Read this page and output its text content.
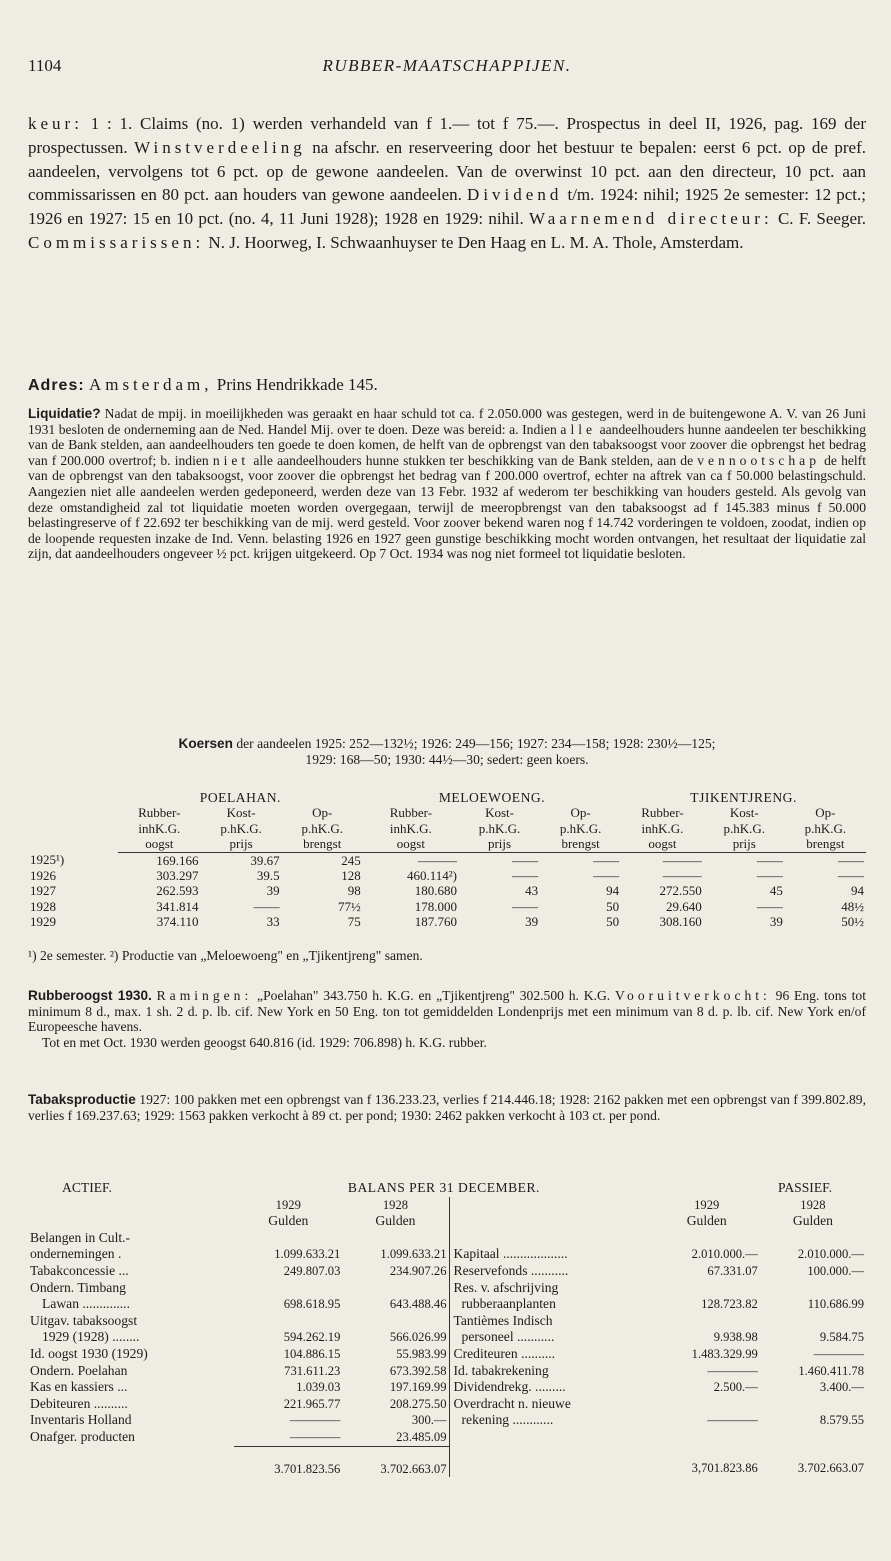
1104	RUBBER-MAATSCHAPPIJEN.
keur: 1 : 1. Claims (no. 1) werden verhandeld van f 1.— tot f 75.—. Prospectus in deel II, 1926, pag. 169 der prospectussen. Winstverdeeling na afschr. en reserveering door het bestuur te bepalen: eerst 6 pct. op de pref. aandeelen, vervolgens tot 6 pct. op de gewone aandeelen. Van de overwinst 10 pct. aan den directeur, 10 pct. aan commissarissen en 80 pct. aan houders van gewone aandeelen. Dividend t/m. 1924: nihil; 1925 2e semester: 12 pct.; 1926 en 1927: 15 en 10 pct. (no. 4, 11 Juni 1928); 1928 en 1929: nihil. Waarnemend directeur: C. F. Seeger. Commissarissen: N. J. Hoorweg, I. Schwaanhuyser te Den Haag en L. M. A. Thole, Amsterdam.
Adres: Amsterdam, Prins Hendrikkade 145.
Liquidatie? Nadat de mpij. in moeilijkheden was geraakt en haar schuld tot ca. f 2.050.000 was gestegen, werd in de buitengewone A. V. van 26 Juni 1931 besloten de onderneming aan de Ned. Handel Mij. over te doen. Deze was bereid: a. Indien alle aandeelhouders hunne aandeelen ter beschikking van de Bank stelden, aan aandeelhouders ten goede te doen komen, de helft van de opbrengst van den tabaksoogst voor zoover die opbrengst het bedrag van f 200.000 overtrof; b. indien niet alle aandeelhouders hunne stukken ter beschikking van de Bank stelden, aan de vennootschap de helft van de opbrengst van den tabaksoogst, voor zoover die opbrengst het bedrag van f 200.000 overtrof, echter na aftrek van ca f 50.000 belastingschuld. Aangezien niet alle aandeelen werden gedeponeerd, werden deze van 13 Febr. 1932 af wederom ter beschikking van houders gesteld. Als gevolg van deze omstandigheid zal tot liquidatie moeten worden overgegaan, terwijl de meeropbrengst van den tabaksoogst ad f 145.383 minus f 50.000 belastingreserve of f 22.692 ter beschikking van de mij. werd gesteld. Voor zoover bekend waren nog f 14.742 vorderingen te voldoen, zoodat, indien op de loopende requesten inzake de Ind. Venn. belasting 1926 en 1927 geen gunstige beschikking mocht worden ontvangen, het resultaat der liquidatie zal zijn, dat aandeelhouders ongeveer ½ pct. krijgen uitgekeerd. Op 7 Oct. 1934 was nog niet formeel tot liquidatie besloten.
Koersen der aandeelen 1925: 252—132½; 1926: 249—156; 1927: 234—158; 1928: 230½—125;
1929: 168—50; 1930: 44½—30; sedert: geen koers.
	POELAHAN.			MELOEWOENG.			TJIKENTJRENG.		
	Rubber-	Kost-	Op-	Rubber-	Kost-	Op-	Rubber-	Kost-	Op-
	inhK.G.	p.hK.G.	p.hK.G.	inhK.G.	p.hK.G.	p.hK.G.	inhK.G.	p.hK.G.	p.hK.G.
	oogst	prijs	brengst	oogst	prijs	brengst	oogst	prijs	brengst
1925¹)	169.166	39.67	245	———	——	——	———	——	——
1926	303.297	39.5	128	460.114²)	——	——	———	——	——
1927	262.593	39	98	180.680	43	94	272.550	45	94
1928	341.814	——	77½	178.000	——	50	29.640	——	48½
1929	374.110	33	75	187.760	39	50	308.160	39	50½
¹) 2e semester. ²) Productie van „Meloewoeng" en „Tjikentjreng" samen.
Rubberoogst 1930. Ramingen: „Poelahan" 343.750 h. K.G. en „Tjikentjreng" 302.500 h. K.G. Vooruitverkocht: 96 Eng. tons tot minimum 8 d., max. 1 sh. 2 d. p. lb. cif. New York en 50 Eng. ton tot gemiddelden Londenprijs met een minimum van 8 d. p. lb. cif. New York en/of Europeesche havens.
Tot en met Oct. 1930 werden geoogst 640.816 (id. 1929: 706.898) h. K.G. rubber.
Tabaksproductie 1927: 100 pakken met een opbrengst van f 136.233.23, verlies f 214.446.18; 1928: 2162 pakken met een opbrengst van f 399.802.89, verlies f 169.237.63; 1929: 1563 pakken verkocht à 89 ct. per pond; 1930: 2462 pakken verkocht à 103 ct. per pond.
ACTIEF.	BALANS PER 31 DECEMBER.				PASSIEF.	
	1929	1928			1929	1928
	Gulden	Gulden			Gulden	Gulden
Belangen in Cult.-						
ondernemingen .	1.099.633.21	1.099.633.21	Kapitaal ...................		2.010.000.—	2.010.000.—
Tabakconcessie ...	249.807.03	234.907.26	Reservefonds ...........		67.331.07	100.000.—
Ondern. Timbang			Res. v. afschrijving			
Lawan ..............	698.618.95	643.488.46	rubberaanplanten		128.723.82	110.686.99
Uitgav. tabaksoogst			Tantièmes Indisch			
1929 (1928) ........	594.262.19	566.026.99	personeel ...........		9.938.98	9.584.75
Id. oogst 1930 (1929)	104.886.15	55.983.99	Crediteuren ..........		1.483.329.99	————
Ondern. Poelahan	731.611.23	673.392.58	Id. tabakrekening		————	1.460.411.78
Kas en kassiers ...	1.039.03	197.169.99	Dividendrekg. .........		2.500.—	3.400.—
Debiteuren ..........	221.965.77	208.275.50	Overdracht n. nieuwe			
Inventaris Holland	————	300.—	rekening ............		————	8.579.55
Onafger. producten	————	23.485.09				
	3.701.823.56	3.702.663.07			3,701.823.86	3.702.663.07
